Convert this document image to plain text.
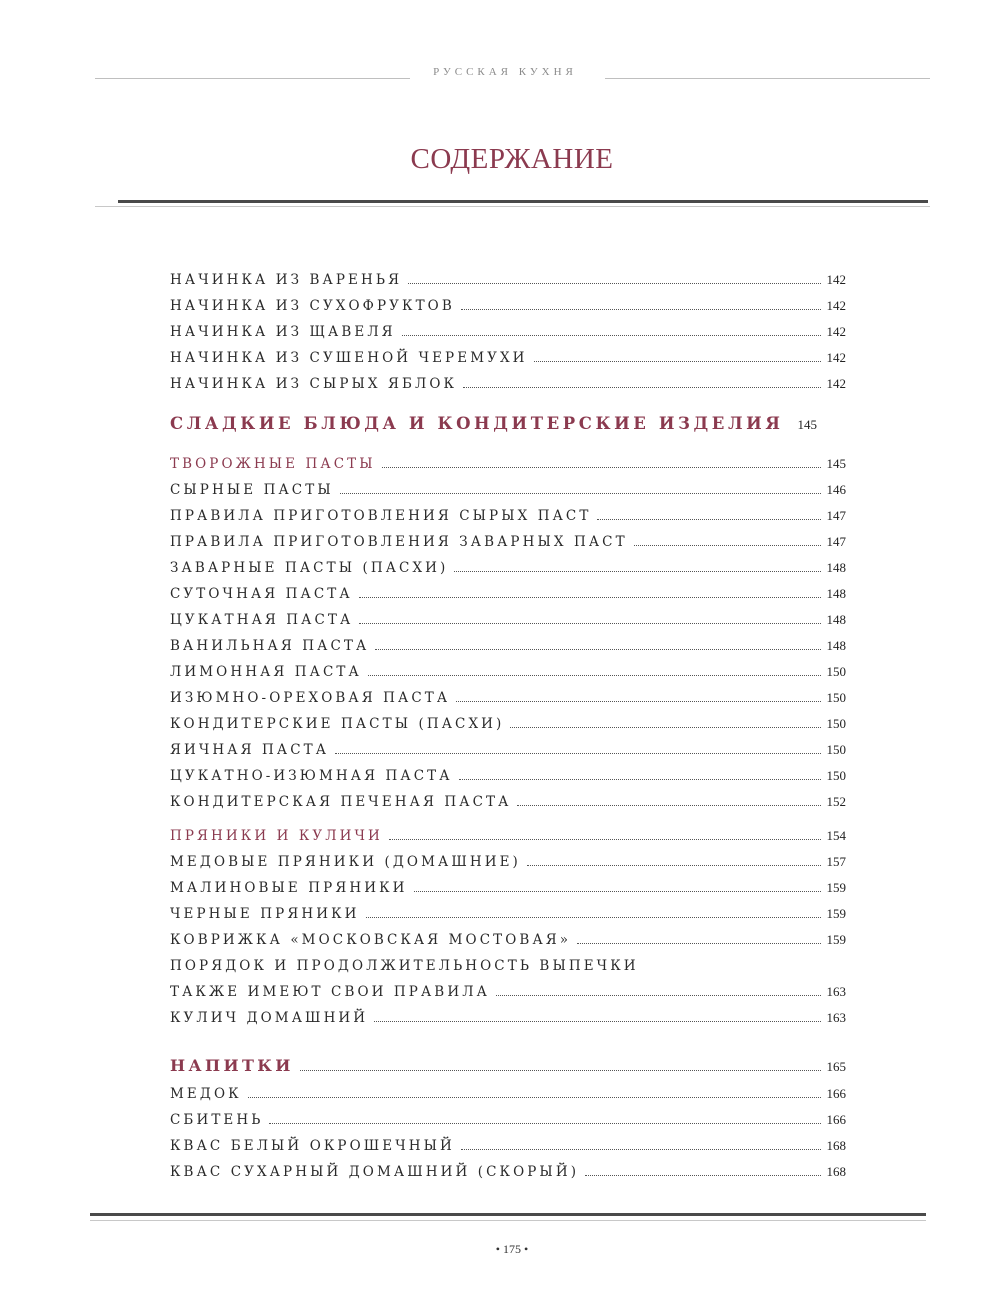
РУССКАЯ КУХНЯ
СОДЕРЖАНИЕ
НАЧИНКА ИЗ ВАРЕНЬЯ	142
НАЧИНКА ИЗ СУХОФРУКТОВ	142
НАЧИНКА ИЗ ЩАВЕЛЯ	142
НАЧИНКА ИЗ СУШЕНОЙ ЧЕРЕМУХИ	142
НАЧИНКА ИЗ СЫРЫХ ЯБЛОК	142
СЛАДКИЕ БЛЮДА И КОНДИТЕРСКИЕ ИЗДЕЛИЯ 145
ТВОРОЖНЫЕ ПАСТЫ	145
СЫРНЫЕ ПАСТЫ	146
ПРАВИЛА ПРИГОТОВЛЕНИЯ СЫРЫХ ПАСТ	147
ПРАВИЛА ПРИГОТОВЛЕНИЯ ЗАВАРНЫХ ПАСТ	147
ЗАВАРНЫЕ ПАСТЫ (ПАСХИ)	148
СУТОЧНАЯ ПАСТА	148
ЦУКАТНАЯ ПАСТА	148
ВАНИЛЬНАЯ ПАСТА	148
ЛИМОННАЯ ПАСТА	150
ИЗЮМНО-ОРЕХОВАЯ ПАСТА	150
КОНДИТЕРСКИЕ ПАСТЫ (ПАСХИ)	150
ЯИЧНАЯ ПАСТА	150
ЦУКАТНО-ИЗЮМНАЯ ПАСТА	150
КОНДИТЕРСКАЯ ПЕЧЕНАЯ ПАСТА	152
ПРЯНИКИ И КУЛИЧИ	154
МЕДОВЫЕ ПРЯНИКИ (ДОМАШНИЕ)	157
МАЛИНОВЫЕ ПРЯНИКИ	159
ЧЕРНЫЕ ПРЯНИКИ	159
КОВРИЖКА «МОСКОВСКАЯ МОСТОВАЯ»	159
ПОРЯДОК И ПРОДОЛЖИТЕЛЬНОСТЬ ВЫПЕЧКИ
ТАКЖЕ ИМЕЮТ СВОИ ПРАВИЛА	163
КУЛИЧ ДОМАШНИЙ	163
НАПИТКИ	165
МЕДОК	166
СБИТЕНЬ	166
КВАС БЕЛЫЙ ОКРОШЕЧНЫЙ	168
КВАС СУХАРНЫЙ ДОМАШНИЙ (СКОРЫЙ)	168
• 175 •
